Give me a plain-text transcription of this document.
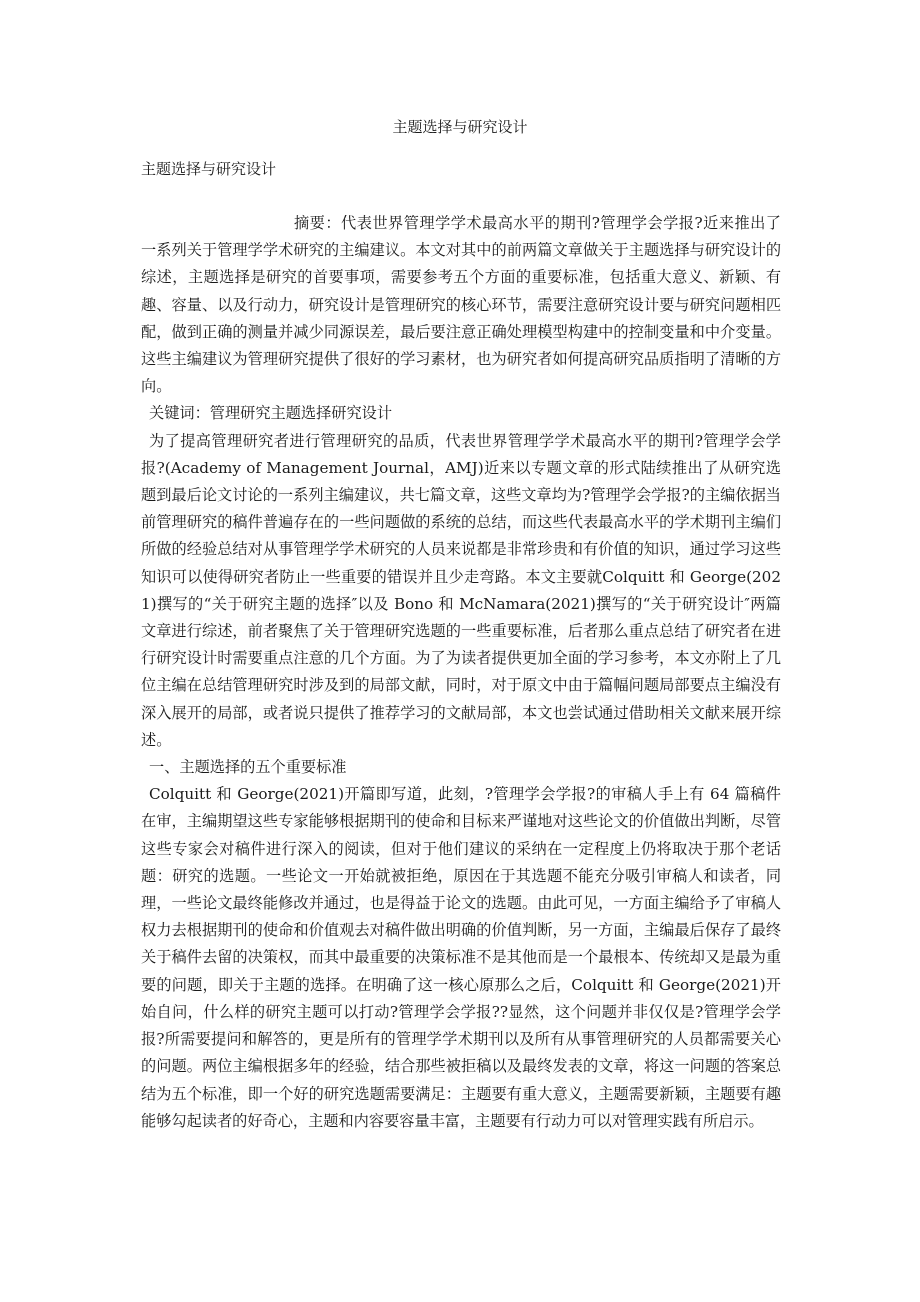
主题选择与研究设计
主题选择与研究设计

摘要：代表世界管理学学术最高水平的期刊?管理学会学报?近来推出了一系列关于管理学学术研究的主编建议。本文对其中的前两篇文章做关于主题选择与研究设计的综述，主题选择是研究的首要事项，需要参考五个方面的重要标准，包括重大意义、新颖、有趣、容量、以及行动力，研究设计是管理研究的核心环节，需要注意研究设计要与研究问题相匹配，做到正确的测量并减少同源误差，最后要注意正确处理模型构建中的控制变量和中介变量。这些主编建议为管理研究提供了很好的学习素材，也为研究者如何提高研究品质指明了清晰的方向。

关键词：管理研究主题选择研究设计

为了提高管理研究者进行管理研究的品质，代表世界管理学学术最高水平的期刊?管理学会学报?(Academy of Management Journal，AMJ)近来以专题文章的形式陆续推出了从研究选题到最后论文讨论的一系列主编建议，共七篇文章，这些文章均为?管理学会学报?的主编依据当前管理研究的稿件普遍存在的一些问题做的系统的总结，而这些代表最高水平的学术期刊主编们所做的经验总结对从事管理学学术研究的人员来说都是非常珍贵和有价值的知识，通过学习这些知识可以使得研究者防止一些重要的错误并且少走弯路。本文主要就Colquitt 和 George(2021)撰写的“关于研究主题的选择″以及 Bono 和 McNamara(2021)撰写的“关于研究设计″两篇文章进行综述，前者聚焦了关于管理研究选题的一些重要标准，后者那么重点总结了研究者在进行研究设计时需要重点注意的几个方面。为了为读者提供更加全面的学习参考，本文亦附上了几位主编在总结管理研究时涉及到的局部文献，同时，对于原文中由于篇幅问题局部要点主编没有深入展开的局部，或者说只提供了推荐学习的文献局部，本文也尝试通过借助相关文献来展开综述。

一、主题选择的五个重要标准

Colquitt 和 George(2021)开篇即写道，此刻，?管理学会学报?的审稿人手上有 64 篇稿件在审，主编期望这些专家能够根据期刊的使命和目标来严谨地对这些论文的价值做出判断，尽管这些专家会对稿件进行深入的阅读，但对于他们建议的采纳在一定程度上仍将取决于那个老话题：研究的选题。一些论文一开始就被拒绝，原因在于其选题不能充分吸引审稿人和读者，同理，一些论文最终能修改并通过，也是得益于论文的选题。由此可见，一方面主编给予了审稿人权力去根据期刊的使命和价值观去对稿件做出明确的价值判断，另一方面，主编最后保存了最终关于稿件去留的决策权，而其中最重要的决策标准不是其他而是一个最根本、传统却又是最为重要的问题，即关于主题的选择。在明确了这一核心原那么之后，Colquitt 和 George(2021)开始自问，什么样的研究主题可以打动?管理学会学报??显然，这个问题并非仅仅是?管理学会学报?所需要提问和解答的，更是所有的管理学学术期刊以及所有从事管理研究的人员都需要关心的问题。两位主编根据多年的经验，结合那些被拒稿以及最终发表的文章，将这一问题的答案总结为五个标准，即一个好的研究选题需要满足：主题要有重大意义，主题需要新颖，主题要有趣能够勾起读者的好奇心，主题和内容要容量丰富，主题要有行动力可以对管理实践有所启示。
